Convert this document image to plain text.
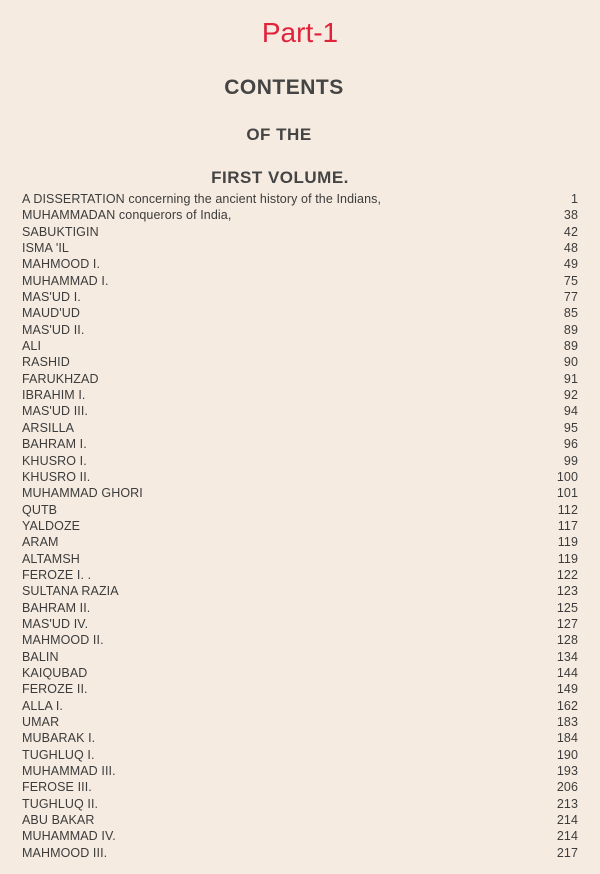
Part-1
CONTENTS
OF THE
FIRST VOLUME.
A DISSERTATION concerning the ancient history of the Indians,	1
MUHAMMADAN conquerors of India,	38
SABUKTIGIN	42
ISMA 'IL	48
MAHMOOD I.	49
MUHAMMAD I.	75
MAS'UD I.	77
MAUD'UD	85
MAS'UD II.	89
ALI	89
RASHID	90
FARUKHZAD	91
IBRAHIM I.	92
MAS'UD III.	94
ARSILLA	95
BAHRAM I.	96
KHUSRO I.	99
KHUSRO II.	100
MUHAMMAD GHORI	101
QUTB	112
YALDOZE	117
ARAM	119
ALTAMSH	119
FEROZE I. .	122
SULTANA RAZIA	123
BAHRAM II.	125
MAS'UD IV.	127
MAHMOOD II.	128
BALIN	134
KAIQUBAD	144
FEROZE II.	149
ALLA I.	162
UMAR	183
MUBARAK I.	184
TUGHLUQ I.	190
MUHAMMAD III.	193
FEROSE III.	206
TUGHLUQ II.	213
ABU BAKAR	214
MUHAMMAD IV.	214
MAHMOOD III.	217
